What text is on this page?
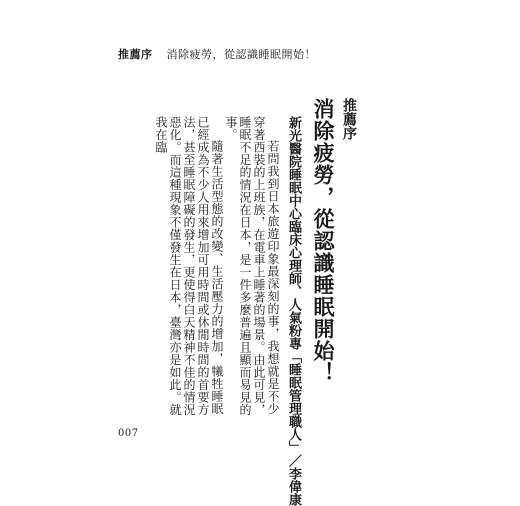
推薦序 消除疲勞，從認識睡眠開始！
推薦序
消除疲勞，從認識睡眠開始！
新光醫院睡眠中心臨床心理師、人氣粉專「睡眠管理職人」／李偉康

若問我到日本旅遊印象最深刻的事，我想就是不少穿著西裝的上班族，在電車上睡著的場景。由此可見，睡眠不足的情況在日本，是一件多麼普遍且顯而易見的事。

隨著生活型態的改變、生活壓力的增加，犧牲睡眠已經成為不少人用來增加可用時間或休閒時間的首要方法，甚至睡眠障礙的發生，更使得白天精神不佳的情況惡化。而這種現象不僅發生在日本，臺灣亦是如此。就我在臨

007
